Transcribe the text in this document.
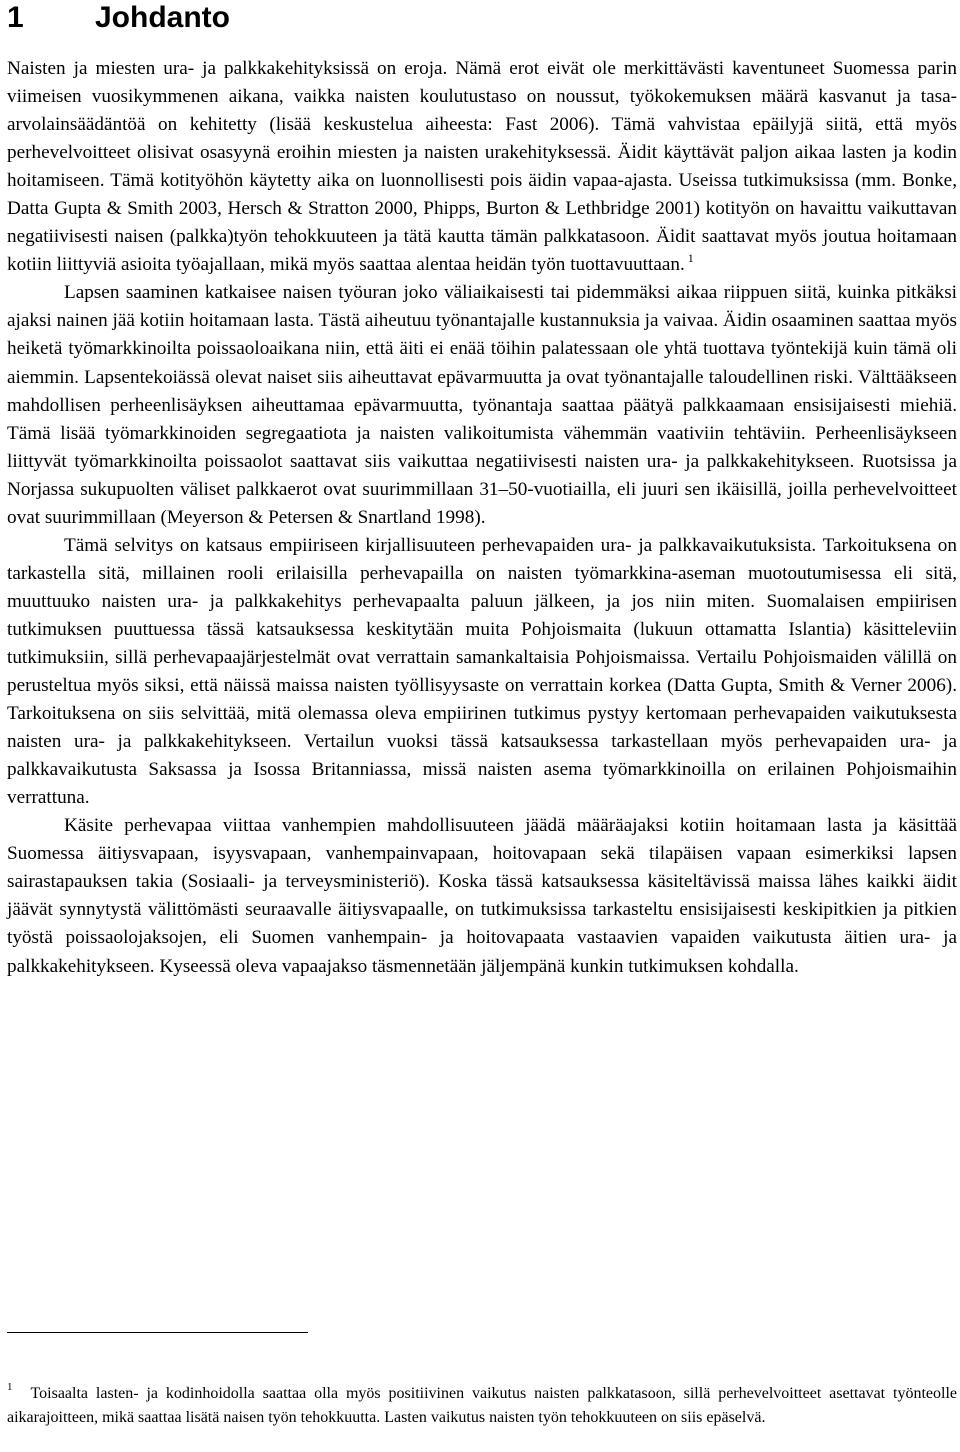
1 Johdanto

Naisten ja miesten ura- ja palkkakehityksissä on eroja. Nämä erot eivät ole merkittävästi kaventuneet Suomessa parin viimeisen vuosikymmenen aikana, vaikka naisten koulutustaso on noussut, työkokemuksen määrä kasvanut ja tasa-arvolainsäädäntöä on kehitetty (lisää keskustelua aiheesta: Fast 2006). Tämä vahvistaa epäilyjä siitä, että myös perhevelvoitteet olisivat osasyynä eroihin miesten ja naisten urakehityksessä. Äidit käyttävät paljon aikaa lasten ja kodin hoitamiseen. Tämä kotityöhön käytetty aika on luonnollisesti pois äidin vapaa-ajasta. Useissa tutkimuksissa (mm. Bonke, Datta Gupta & Smith 2003, Hersch & Stratton 2000, Phipps, Burton & Lethbridge 2001) kotityön on havaittu vaikuttavan negatiivisesti naisen (palkka)työn tehokkuuteen ja tätä kautta tämän palkkatasoon. Äidit saattavat myös joutua hoitamaan kotiin liittyviä asioita työajallaan, mikä myös saattaa alentaa heidän työn tuottavuuttaan. $^1$

Lapsen saaminen katkaisee naisen työuran joko väliaikaisesti tai pidemmäksi aikaa riippuen siitä, kuinka pitkäksi ajaksi nainen jää kotiin hoitamaan lasta. Tästä aiheutuu työnantajalle kustannuksia ja vaivaa. Äidin osaaminen saattaa myös heiketä työmarkkinoilta poissaoloaikana niin, että äiti ei enää töihin palatessaan ole yhtä tuottava työntekijä kuin tämä oli aiemmin. Lapsentekoiässä olevat naiset siis aiheuttavat epävarmuutta ja ovat työnantajalle taloudellinen riski. Välttääkseen mahdollisen perheenlisäyksen aiheuttamaa epävarmuutta, työnantaja saattaa päätyä palkkaamaan ensisijaisesti miehiä. Tämä lisää työmarkkinoiden segregaatiota ja naisten valikoitumista vähemmän vaativiin tehtäviin. Perheenlisäykseen liittyvät työmarkkinoilta poissaolot saattavat siis vaikuttaa negatiivisesti naisten ura- ja palkkakehitykseen. Ruotsissa ja Norjassa sukupuolten väliset palkkaerot ovat suurimmillaan 31–50-vuotiailla, eli juuri sen ikäisillä, joilla perhevelvoitteet ovat suurimmillaan (Meyerson & Petersen & Snartland 1998).

Tämä selvitys on katsaus empiiriseen kirjallisuuteen perhevapaiden ura- ja palkkavaikutuksista. Tarkoituksena on tarkastella sitä, millainen rooli erilaisilla perhevapailla on naisten työmarkkina-aseman muotoutumisessa eli sitä, muuttuuko naisten ura- ja palkkakehitys perhevapaalta paluun jälkeen, ja jos niin miten. Suomalaisen empiirisen tutkimuksen puuttuessa tässä katsauksessa keskitytään muita Pohjoismaita (lukuun ottamatta Islantia) käsitteleviin tutkimuksiin, sillä perhevapaajärjestelmät ovat verrattain samankaltaisia Pohjoismaissa. Vertailu Pohjoismaiden välillä on perusteltua myös siksi, että näissä maissa naisten työllisyysaste on verrattain korkea (Datta Gupta, Smith & Verner 2006). Tarkoituksena on siis selvittää, mitä olemassa oleva empiirinen tutkimus pystyy kertomaan perhevapaiden vaikutuksesta naisten ura- ja palkkakehitykseen. Vertailun vuoksi tässä katsauksessa tarkastellaan myös perhevapaiden ura- ja palkkavaikutusta Saksassa ja Isossa Britanniassa, missä naisten asema työmarkkinoilla on erilainen Pohjoismaihin verrattuna.

Käsite perhevapaa viittaa vanhempien mahdollisuuteen jäädä määräajaksi kotiin hoitamaan lasta ja käsittää Suomessa äitiysvapaan, isyysvapaan, vanhempainvapaan, hoitovapaan sekä tilapäisen vapaan esimerkiksi lapsen sairastapauksen takia (Sosiaali- ja terveysministeriö). Koska tässä katsauksessa käsiteltävissä maissa lähes kaikki äidit jäävät synnytystä välittömästi seuraavalle äitiysvapaalle, on tutkimuksissa tarkasteltu ensisijaisesti keskipitkien ja pitkien työstä poissaolojaksojen, eli Suomen vanhempain- ja hoitovapaata vastaavien vapaiden vaikutusta äitien ura- ja palkkakehitykseen. Kyseessä oleva vapaajakso täsmennetään jäljempänä kunkin tutkimuksen kohdalla.

$^1$ Toisaalta lasten- ja kodinhoidolla saattaa olla myös positiivinen vaikutus naisten palkkatasoon, sillä perhevelvoitteet asettavat työnteolle aikarajoitteen, mikä saattaa lisätä naisen työn tehokkuutta. Lasten vaikutus naisten työn tehokkuuteen on siis epäselvä.
